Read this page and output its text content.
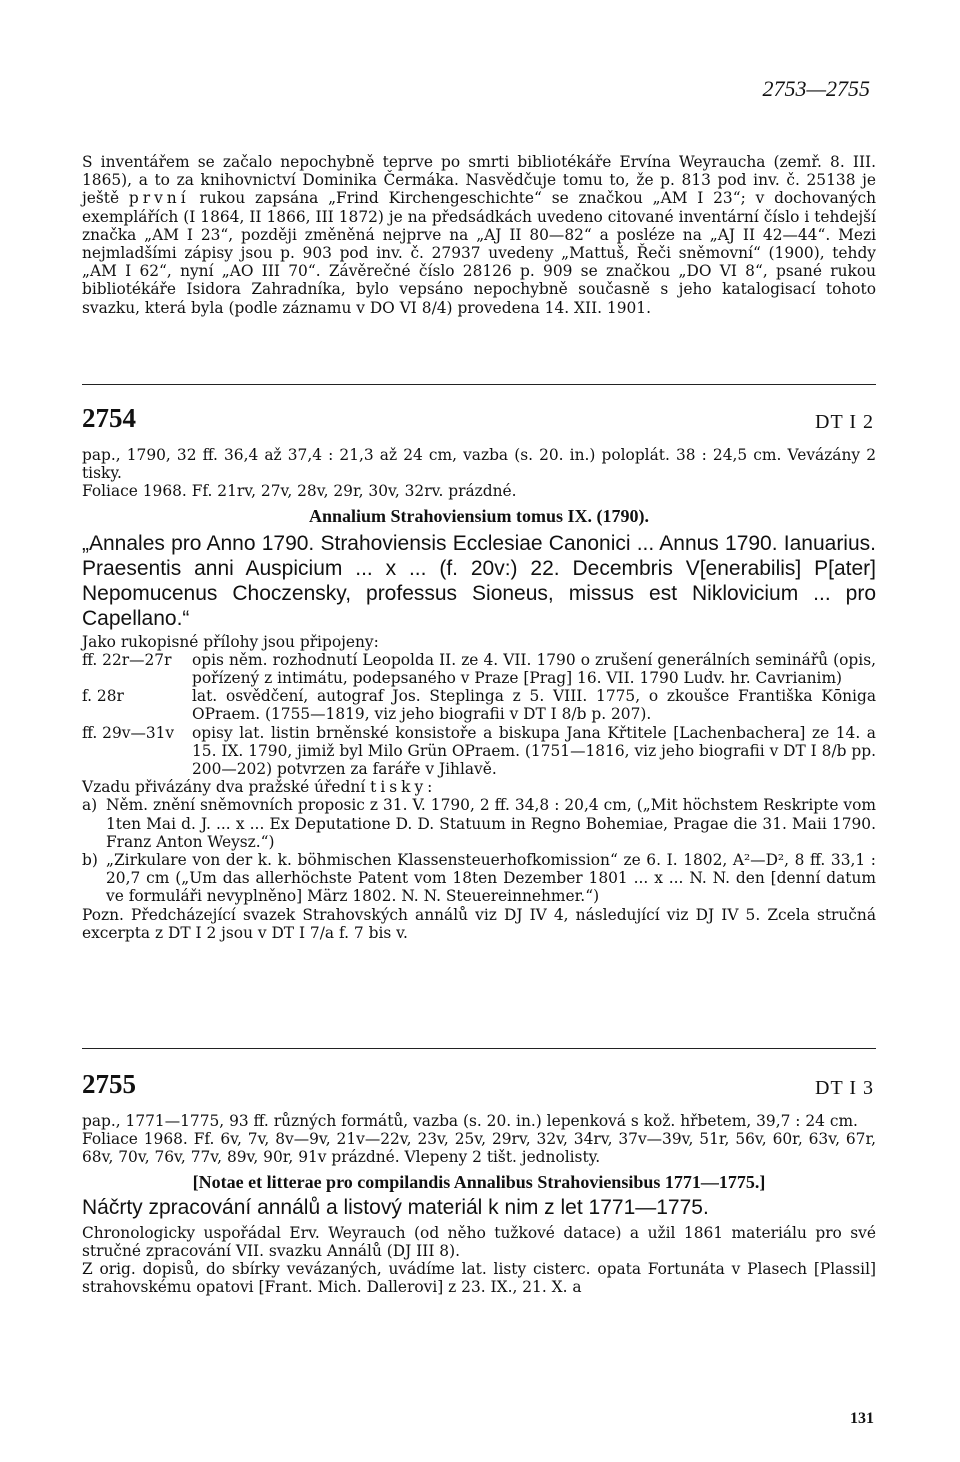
2753—2755

S inventářem se začalo nepochybně teprve po smrti bibliotékáře Ervína Weyraucha (zemř. 8. III. 1865), a to za knihovnictví Dominika Čermáka. Nasvědčuje tomu to, že p. 813 pod inv. č. 25138 je ještě první rukou zapsána „Frind Kirchengeschichte“ se značkou „AM I 23“; v dochovaných exemplářích (I 1864, II 1866, III 1872) je na předsádkách uvedeno citované inventární číslo i tehdejší značka „AM I 23“, později změněná nejprve na „AJ II 80—82“ a posléze na „AJ II 42—44“. Mezi nejmladšími zápisy jsou p. 903 pod inv. č. 27937 uvedeny „Mattuš, Řeči sněmovní“ (1900), tehdy „AM I 62“, nyní „AO III 70“. Závěrečné číslo 28126 p. 909 se značkou „DO VI 8“, psané rukou bibliotékáře Isidora Zahradníka, bylo vepsáno nepochybně současně s jeho katalogisací tohoto svazku, která byla (podle záznamu v DO VI 8/4) provedena 14. XII. 1901.

2754	DT I 2

pap., 1790, 32 ff. 36,4 až 37,4 : 21,3 až 24 cm, vazba (s. 20. in.) poloplát. 38 : 24,5 cm. Vevázány 2 tisky.

Foliace 1968. Ff. 21rv, 27v, 28v, 29r, 30v, 32rv. prázdné.

Annalium Strahoviensium tomus IX. (1790).

„Annales pro Anno 1790. Strahoviensis Ecclesiae Canonici ... Annus 1790. Ianuarius. Praesentis anni Auspicium ... x ... (f. 20v:) 22. Decembris V[enerabilis] P[ater] Nepomucenus Choczensky, professus Sioneus, missus est Niklovicium ... pro Capellano.“

Jako rukopisné přílohy jsou připojeny:

ff. 22r—27r	opis něm. rozhodnutí Leopolda II. ze 4. VII. 1790 o zrušení generálních seminářů (opis, pořízený z intimátu, podepsaného v Praze [Prag] 16. VII. 1790 Ludv. hr. Cavrianim)
f. 28r	lat. osvědčení, autograf Jos. Steplinga z 5. VIII. 1775, o zkoušce Františka Kōniga OPraem. (1755—1819, viz jeho biografii v DT I 8/b p. 207).
ff. 29v—31v	opisy lat. listin brněnské konsistoře a biskupa Jana Křtitele [Lachenbachera] ze 14. a 15. IX. 1790, jimiž byl Milo Grün OPraem. (1751—1816, viz jeho biografii v DT I 8/b pp. 200—202) potvrzen za faráře v Jihlavě.

Vzadu přivázány dva pražské úřední tisky:

a) Něm. znění sněmovních proposic z 31. V. 1790, 2 ff. 34,8 : 20,4 cm, („Mit höchstem Reskripte vom 1ten Mai d. J. ... x ... Ex Deputatione D. D. Statuum in Regno Bohemiae, Pragae die 31. Maii 1790. Franz Anton Weysz.“)
b) „Zirkulare von der k. k. böhmischen Klassensteuerhofkomission“ ze 6. I. 1802, A²—D², 8 ff. 33,1 : 20,7 cm („Um das allerhöchste Patent vom 18ten Dezember 1801 ... x ... N. N. den [denní datum ve formuláři nevyplněno] März 1802. N. N. Steuereinnehmer.“)

Pozn. Předcházející svazek Strahovských annálů viz DJ IV 4, následující viz DJ IV 5. Zcela stručná excerpta z DT I 2 jsou v DT I 7/a f. 7 bis v.

2755	DT I 3

pap., 1771—1775, 93 ff. různých formátů, vazba (s. 20. in.) lepenková s kož. hřbetem, 39,7 : 24 cm.

Foliace 1968. Ff. 6v, 7v, 8v—9v, 21v—22v, 23v, 25v, 29rv, 32v, 34rv, 37v—39v, 51r, 56v, 60r, 63v, 67r, 68v, 70v, 76v, 77v, 89v, 90r, 91v prázdné. Vlepeny 2 tišt. jednolisty.

[Notae et litterae pro compilandis Annalibus Strahoviensibus 1771—1775.]

Náčrty zpracování annálů a listový materiál k nim z let 1771—1775.

Chronologicky uspořádal Erv. Weyrauch (od něho tužkové datace) a užil 1861 materiálu pro své stručné zpracování VII. svazku Annálů (DJ III 8).

Z orig. dopisů, do sbírky vevázaných, uvádíme lat. listy cisterc. opata Fortunáta v Plasech [Plassil] strahovskému opatovi [Frant. Mich. Dallerovi] z 23. IX., 21. X. a

131
